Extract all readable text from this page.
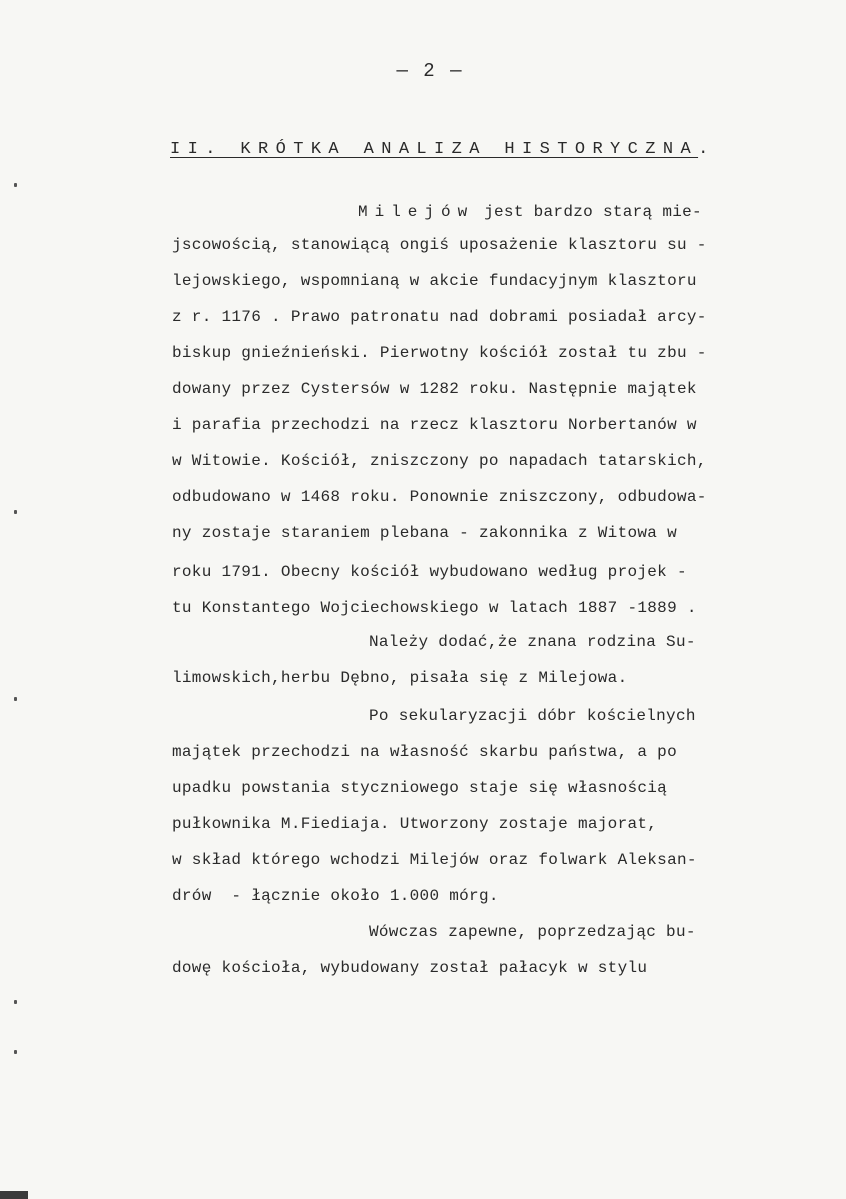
— 2 —
II. KRÓTKA ANALIZA HISTORYCZNA.
Milejów jest bardzo starą mie-
jscowością, stanowiącą ongiś uposażenie klasztoru su -
lejowskiego, wspomnianą w akcie fundacyjnym klasztoru
z r. 1176 . Prawo patronatu nad dobrami posiadał arcy-
biskup gnieźnieński. Pierwotny kościół został tu zbu -
dowany przez Cystersów w 1282 roku. Następnie majątek
i parafia przechodzi na rzecz klasztoru Norbertanów w
w Witowie. Kościół, zniszczony po napadach tatarskich,
odbudowano w 1468 roku. Ponownie zniszczony, odbudowa-
ny zostaje staraniem plebana - zakonnika z Witowa w
roku 1791. Obecny kościół wybudowano według projek -
tu Konstantego Wojciechowskiego w latach 1887 -1889 .
Należy dodać,że znana rodzina Su-
limowskich,herbu Dębno, pisała się z Milejowa.
Po sekularyzacji dóbr kościelnych
majątek przechodzi na własność skarbu państwa, a po
upadku powstania styczniowego staje się własnością
pułkownika M.Fiediaja. Utworzony zostaje majorat,
w skład którego wchodzi Milejów oraz folwark Aleksan-
drów  - łącznie około 1.000 mórg.
Wówczas zapewne, poprzedzając bu-
dowę kościoła, wybudowany został pałacyk w stylu
